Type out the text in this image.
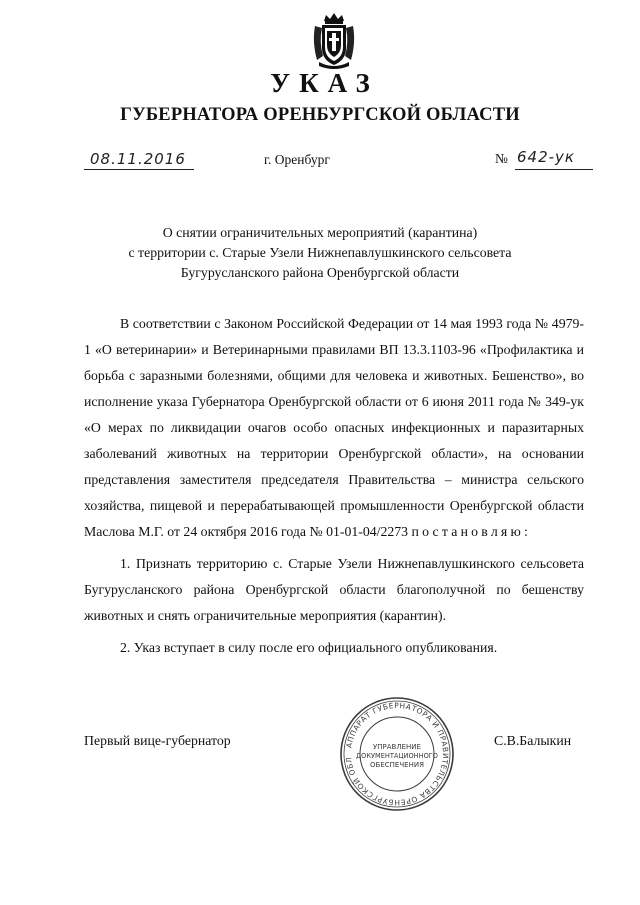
УКАЗ
ГУБЕРНАТОРА ОРЕНБУРГСКОЙ ОБЛАСТИ
08.11.2016	г. Оренбург	№ 642-ук
О снятии ограничительных мероприятий (карантина)
с территории с. Старые Узели Нижнепавлушкинского сельсовета
Бугурусланского района Оренбургской области

В соответствии с Законом Российской Федерации от 14 мая 1993 года № 4979-1 «О ветеринарии» и Ветеринарными правилами ВП 13.3.1103-96 «Профилактика и борьба с заразными болезнями, общими для человека и животных. Бешенство», во исполнение указа Губернатора Оренбургской области от 6 июня 2011 года № 349-ук «О мерах по ликвидации очагов особо опасных инфекционных и паразитарных заболеваний животных на территории Оренбургской области», на основании представления заместителя председателя Правительства – министра сельского хозяйства, пищевой и перерабатывающей промышленности Оренбургской области Маслова М.Г. от 24 октября 2016 года № 01-01-04/2273 постановляю:

1. Признать территорию с. Старые Узели Нижнепавлушкинского сельсовета Бугурусланского района Оренбургской области благополучной по бешенству животных и снять ограничительные мероприятия (карантин).

2. Указ вступает в силу после его официального опубликования.

Первый вице-губернатор	С.В.Балыкин
АППАРАТ ГУБЕРНАТОРА И ПРАВИТЕЛЬСТВА ОРЕНБУРГСКОЙ ОБЛ
УПРАВЛЕНИЕ
ДОКУМЕНТАЦИОННОГО
ОБЕСПЕЧЕНИЯ
